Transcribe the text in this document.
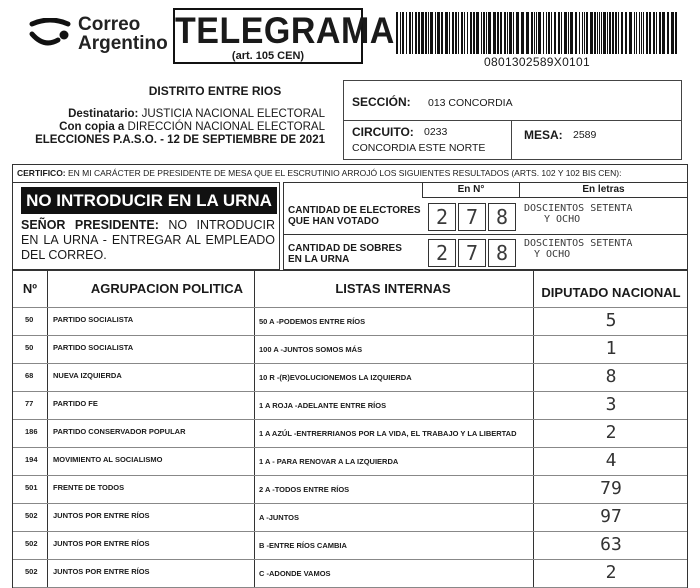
Correo
Argentino TELEGRAMA
(art. 105 CEN)	0801302589X0101
DISTRITO ENTRE RIOS
Destinatario: JUSTICIA NACIONAL ELECTORAL
Con copia a DIRECCIÓN NACIONAL ELECTORAL
ELECCIONES P.A.S.O. - 12 DE SEPTIEMBRE DE 2021
SECCIÓN: 013 CONCORDIA
CIRCUITO: 0233
CONCORDIA ESTE NORTE
MESA: 2589
CERTIFICO: EN MI CARÁCTER DE PRESIDENTE DE MESA QUE EL ESCRUTINIO ARROJÓ LOS SIGUIENTES RESULTADOS (ARTS. 102 Y 102 BIS CEN):
NO INTRODUCIR EN LA URNA
SEÑOR PRESIDENTE: NO INTRODUCIR EN LA URNA - ENTREGAR AL EMPLEADO DEL CORREO.
En N°	En letras
CANTIDAD DE ELECTORES
QUE HAN VOTADO	2 7 8	DOSCIENTOS SETENTA
Y OCHO
CANTIDAD DE SOBRES
EN LA URNA	2 7 8	DOSCIENTOS SETENTA
Y OCHO
Nº	AGRUPACION POLITICA	LISTAS INTERNAS	DIPUTADO NACIONAL
50	PARTIDO SOCIALISTA	50 A -PODEMOS ENTRE RÍOS	5
50	PARTIDO SOCIALISTA	100 A -JUNTOS SOMOS MÁS	1
68	NUEVA IZQUIERDA	10 R -(R)EVOLUCIONEMOS LA IZQUIERDA	8
77	PARTIDO FE	1 A ROJA -ADELANTE ENTRE RÍOS	3
186 PARTIDO CONSERVADOR POPULAR	1 A AZÚL -ENTRERRIANOS POR LA VIDA, EL TRABAJO Y LA LIBERTAD	2
194 MOVIMIENTO AL SOCIALISMO	1 A - PARA RENOVAR A LA IZQUIERDA	4
501 FRENTE DE TODOS	2 A -TODOS ENTRE RÍOS	79
502 JUNTOS POR ENTRE RÍOS	A -JUNTOS	97
502 JUNTOS POR ENTRE RÍOS	B -ENTRE RÍOS CAMBIA	63
502 JUNTOS POR ENTRE RÍOS	C -ADONDE VAMOS	2
